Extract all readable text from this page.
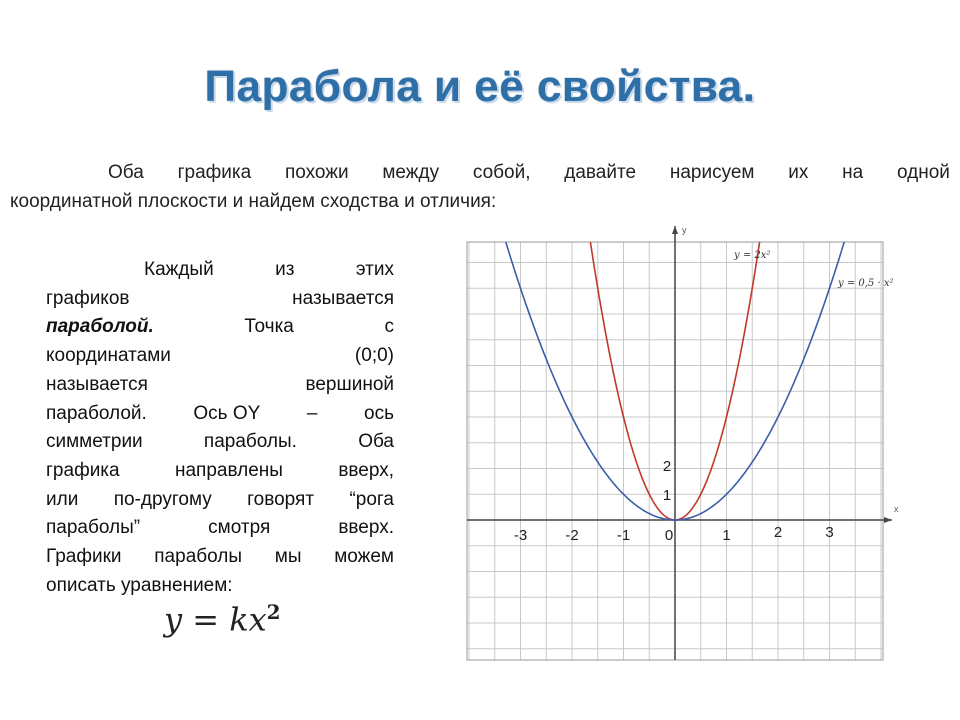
Парабола и её свойства.
Оба графика похожи между собой, давайте нарисуем их на одной
координатной плоскости и найдем сходства и отличия:
Каждый	из	этих
графиков	называется
параболой.	Точка	с
координатами	(0;0)
называется	вершиной
параболой. Ось OY – ось
симметрии	параболы.	Оба
графика	направлены	вверх,
или по-другому говорят “рога
параболы”	смотря	вверх.
Графики параболы мы можем
описать уравнением:
$y = kx^2$
x
y
-3	-2	-1 0	1	2	3
1
2
y = 2x²
y = 0,5 · x²
